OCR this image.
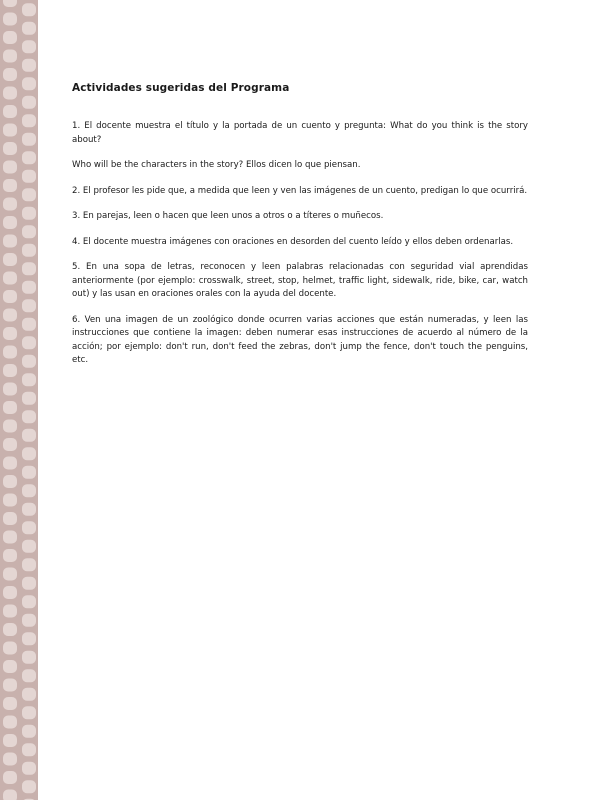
Actividades sugeridas del Programa

1. El docente muestra el título y la portada de un cuento y pregunta: What do you think is the story about?

Who will be the characters in the story? Ellos dicen lo que piensan.

2. El profesor les pide que, a medida que leen y ven las imágenes de un cuento, predigan lo que ocurrirá.

3. En parejas, leen o hacen que leen unos a otros o a títeres o muñecos.

4. El docente muestra imágenes con oraciones en desorden del cuento leído y ellos deben ordenarlas.

5. En una sopa de letras, reconocen y leen palabras relacionadas con seguridad vial aprendidas anteriormente (por ejemplo: crosswalk, street, stop, helmet, traffic light, sidewalk, ride, bike, car, watch out) y las usan en oraciones orales con la ayuda del docente.

6. Ven una imagen de un zoológico donde ocurren varias acciones que están numeradas, y leen las instrucciones que contiene la imagen: deben numerar esas instrucciones de acuerdo al número de la acción; por ejemplo: don't run, don't feed the zebras, don't jump the fence, don't touch the penguins, etc.
